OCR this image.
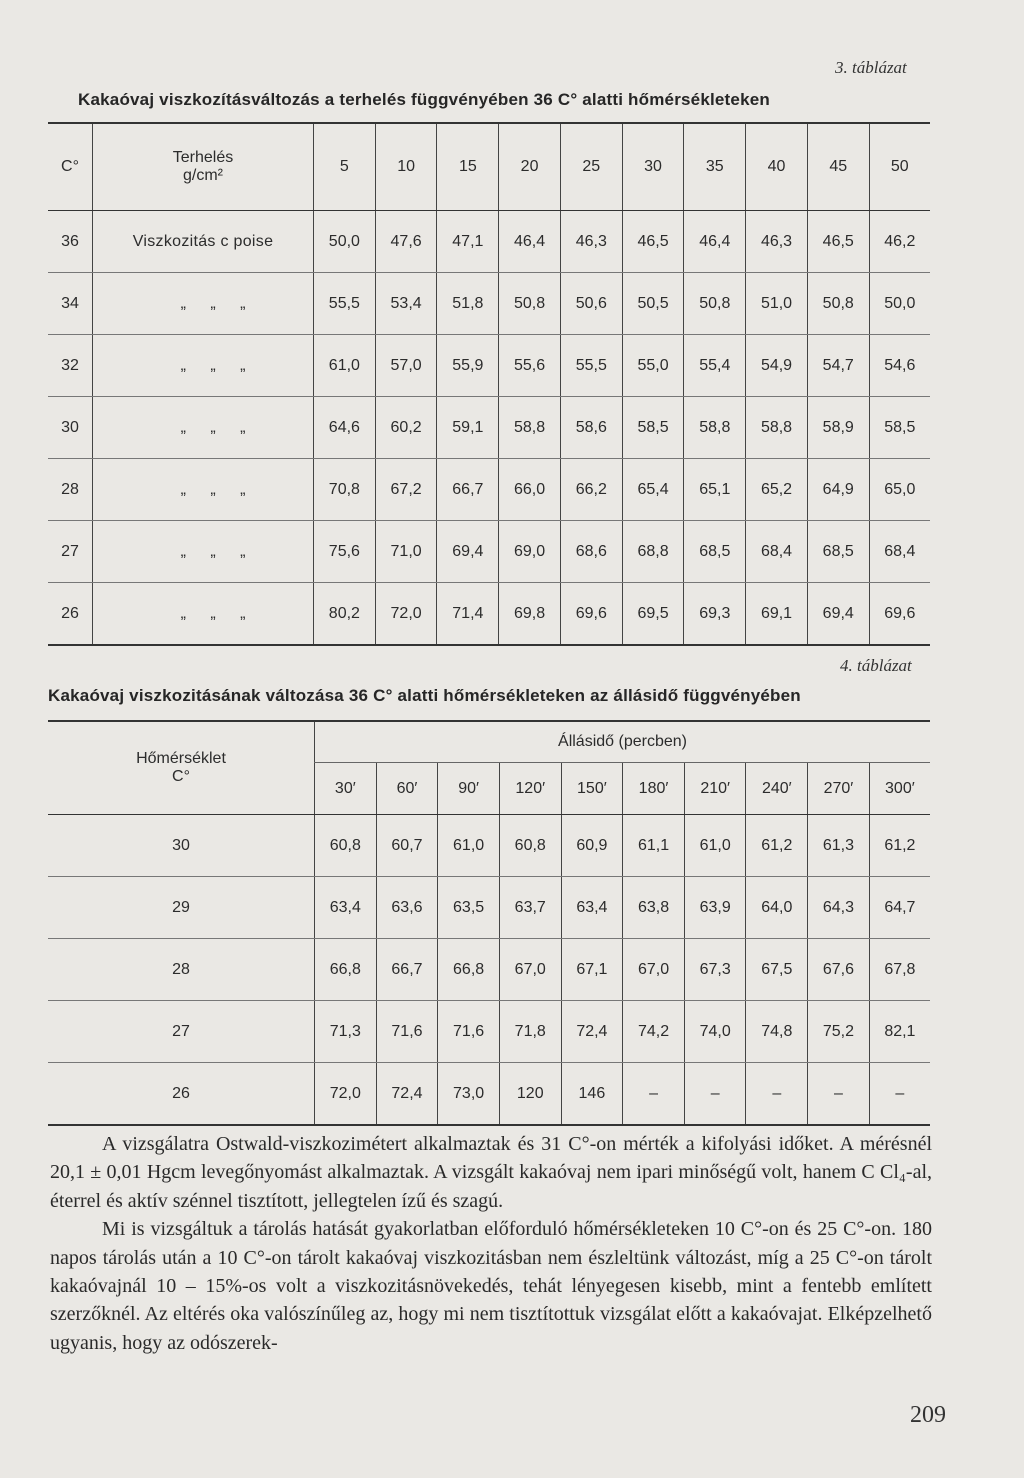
3. táblázat
Kakaóvaj viszkozításváltozás a terhelés függvényében 36 C° alatti hőmérsékleteken
C°	Terhelés
g/cm²	5	10	15	20	25	30	35	40	45	50
36	Viszkozitás c poise	50,0	47,6	47,1	46,4	46,3	46,5	46,4	46,3	46,5	46,2
34	„ „ „	55,5	53,4	51,8	50,8	50,6	50,5	50,8	51,0	50,8	50,0
32	„ „ „	61,0	57,0	55,9	55,6	55,5	55,0	55,4	54,9	54,7	54,6
30	„ „ „	64,6	60,2	59,1	58,8	58,6	58,5	58,8	58,8	58,9	58,5
28	„ „ „	70,8	67,2	66,7	66,0	66,2	65,4	65,1	65,2	64,9	65,0
27	„ „ „	75,6	71,0	69,4	69,0	68,6	68,8	68,5	68,4	68,5	68,4
26	„ „ „	80,2	72,0	71,4	69,8	69,6	69,5	69,3	69,1	69,4	69,6
4. táblázat
Kakaóvaj viszkozitásának változása 36 C° alatti hőmérsékleteken az állásidő függvényében
Hőmérséklet
C°	Állásidő (percben)									
	30′	60′	90′	120′	150′	180′	210′	240′	270′	300′
30	60,8	60,7	61,0	60,8	60,9	61,1	61,0	61,2	61,3	61,2
29	63,4	63,6	63,5	63,7	63,4	63,8	63,9	64,0	64,3	64,7
28	66,8	66,7	66,8	67,0	67,1	67,0	67,3	67,5	67,6	67,8
27	71,3	71,6	71,6	71,8	72,4	74,2	74,0	74,8	75,2	82,1
26	72,0	72,4	73,0	120	146	–	–	–	–	–

A vizsgálatra Ostwald-viszkozimétert alkalmaztak és 31 C°-on mérték a kifolyási időket. A mérésnél 20,1 ± 0,01 Hgcm levegőnyomást alkalmaztak. A vizsgált kakaóvaj nem ipari minőségű volt, hanem C Cl₄-al, éterrel és aktív szénnel tisztított, jellegtelen ízű és szagú.

Mi is vizsgáltuk a tárolás hatását gyakorlatban előforduló hőmérsékleteken 10 C°-on és 25 C°-on. 180 napos tárolás után a 10 C°-on tárolt kakaóvaj viszkozitásban nem észleltünk változást, míg a 25 C°-on tárolt kakaóvajnál 10 – 15%-os volt a viszkozitásnövekedés, tehát lényegesen kisebb, mint a fentebb említett szerzőknél. Az eltérés oka valószínűleg az, hogy mi nem tisztítottuk vizsgálat előtt a kakaóvajat. Elképzelhető ugyanis, hogy az odószerek-

209
